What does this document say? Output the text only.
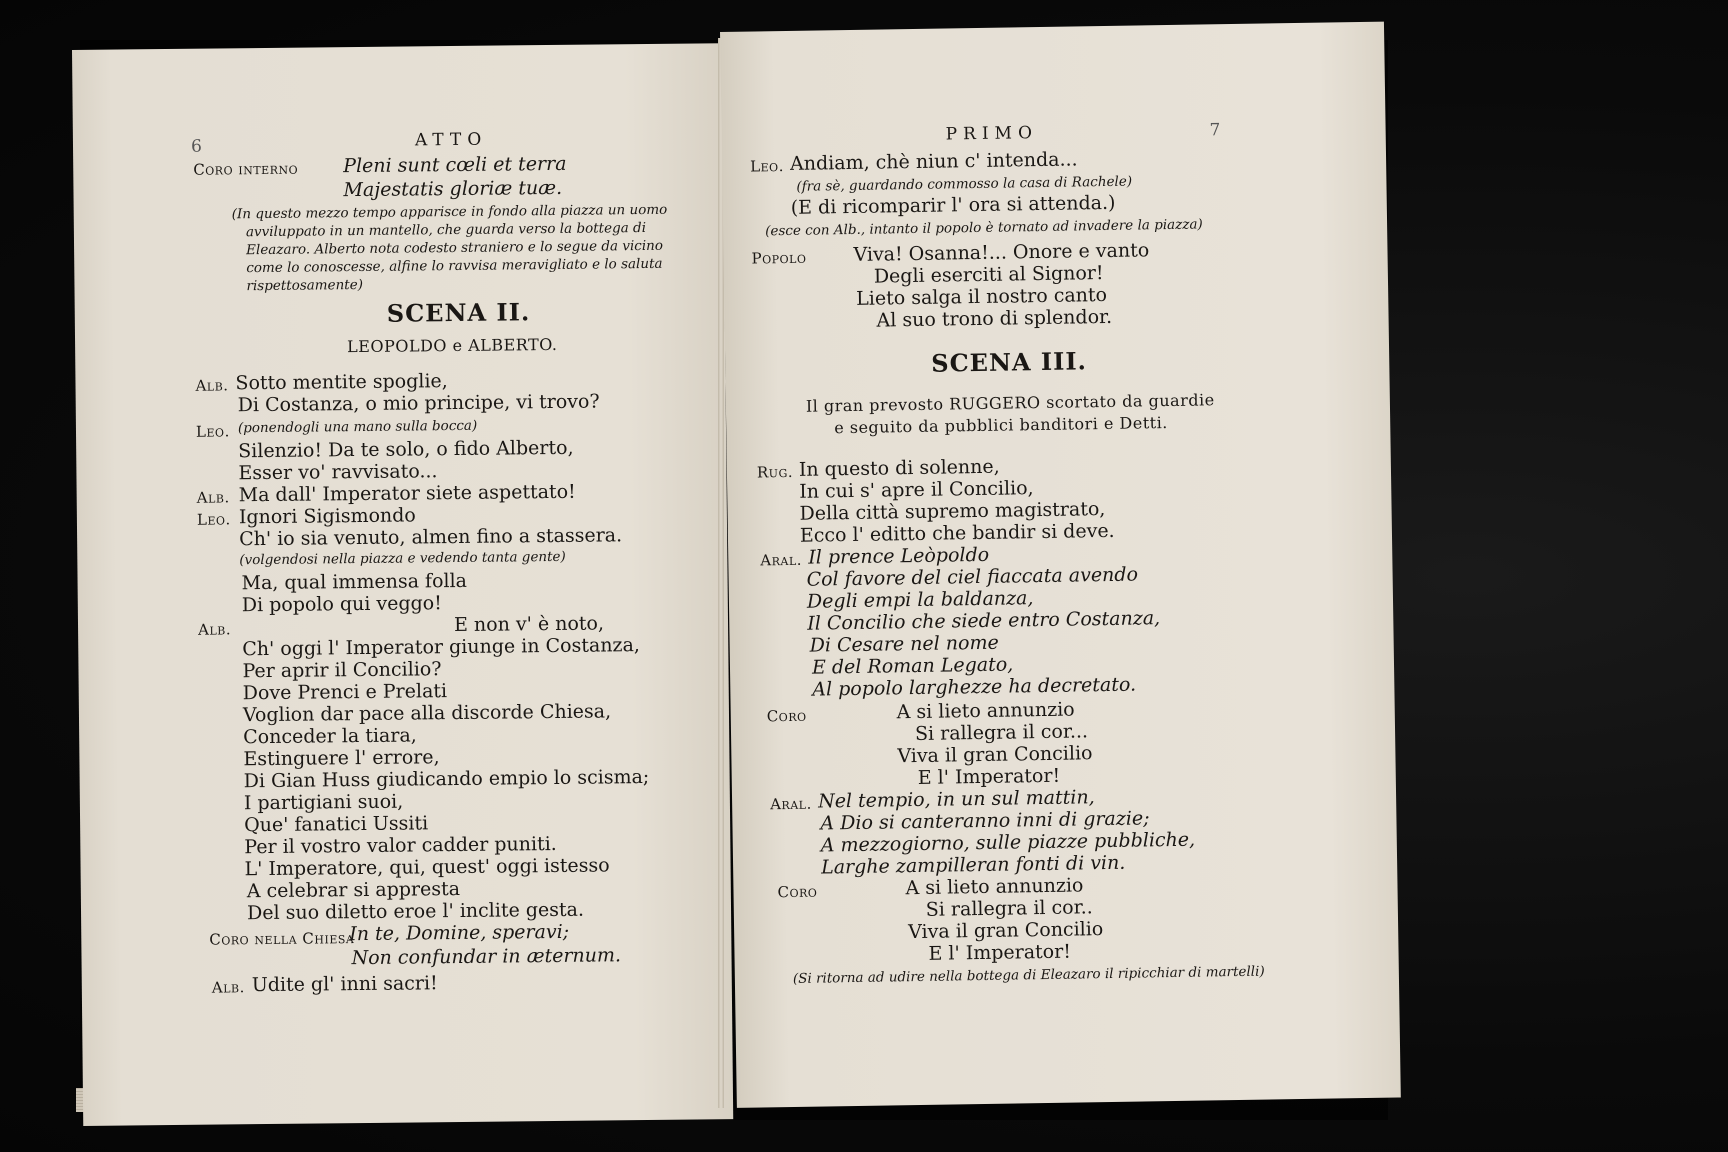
6	ATTO
Coro interno Pleni sunt cœli et terra
Majestatis gloriæ tuæ.
(In questo mezzo tempo apparisce in fondo alla piazza un uomo
avviluppato in un mantello, che guarda verso la bottega di
Eleazaro. Alberto nota codesto straniero e lo segue da vicino
come lo conoscesse, alfine lo ravvisa meravigliato e lo saluta
rispettosamente)
SCENA II.
LEOPOLDO e ALBERTO.
Alb. Sotto mentite spoglie,
Di Costanza, o mio principe, vi trovo?
Leo. (ponendogli una mano sulla bocca)
Silenzio! Da te solo, o fido Alberto,
Esser vo' ravvisato...
Alb. Ma dall' Imperator siete aspettato!
Leo. Ignori Sigismondo
Ch' io sia venuto, almen fino a stassera.
(volgendosi nella piazza e vedendo tanta gente)
Ma, qual immensa folla
Di popolo qui veggo!
Alb.	E non v' è noto,
Ch' oggi l' Imperator giunge in Costanza,
Per aprir il Concilio?
Dove Prenci e Prelati
Voglion dar pace alla discorde Chiesa,
Conceder la tiara,
Estinguere l' errore,
Di Gian Huss giudicando empio lo scisma;
I partigiani suoi,
Que' fanatici Ussiti
Per il vostro valor cadder puniti.
L' Imperatore, qui, quest' oggi istesso
A celebrar si appresta
Del suo diletto eroe l' inclite gesta.
Coro nella Chiesa
In te, Domine, speravi;
Non confundar in æternum.
Alb. Udite gl' inni sacri!
PRIMO	7
Leo. Andiam, chè niun c' intenda...
(fra sè, guardando commosso la casa di Rachele)
(E di ricomparir l' ora si attenda.)
(esce con Alb., intanto il popolo è tornato ad invadere la piazza)
Popolo Viva! Osanna!... Onore e vanto
Degli eserciti al Signor!
Lieto salga il nostro canto
Al suo trono di splendor.
SCENA III.
Il gran prevosto RUGGERO scortato da guardie
e seguito da pubblici banditori e Detti.
Rug. In questo di solenne,
In cui s' apre il Concilio,
Della città supremo magistrato,
Ecco l' editto che bandir si deve.
Aral. Il prence Leòpoldo
Col favore del ciel fiaccata avendo
Degli empi la baldanza,
Il Concilio che siede entro Costanza,
Di Cesare nel nome
E del Roman Legato,
Al popolo larghezze ha decretato.
Coro	A si lieto annunzio
Si rallegra il cor...
Viva il gran Concilio
E l' Imperator!
Aral. Nel tempio, in un sul mattin,
A Dio si canteranno inni di grazie;
A mezzogiorno, sulle piazze pubbliche,
Larghe zampilleran fonti di vin.
Coro	A si lieto annunzio
Si rallegra il cor..
Viva il gran Concilio
E l' Imperator!
(Si ritorna ad udire nella bottega di Eleazaro il ripicchiar di martelli)
